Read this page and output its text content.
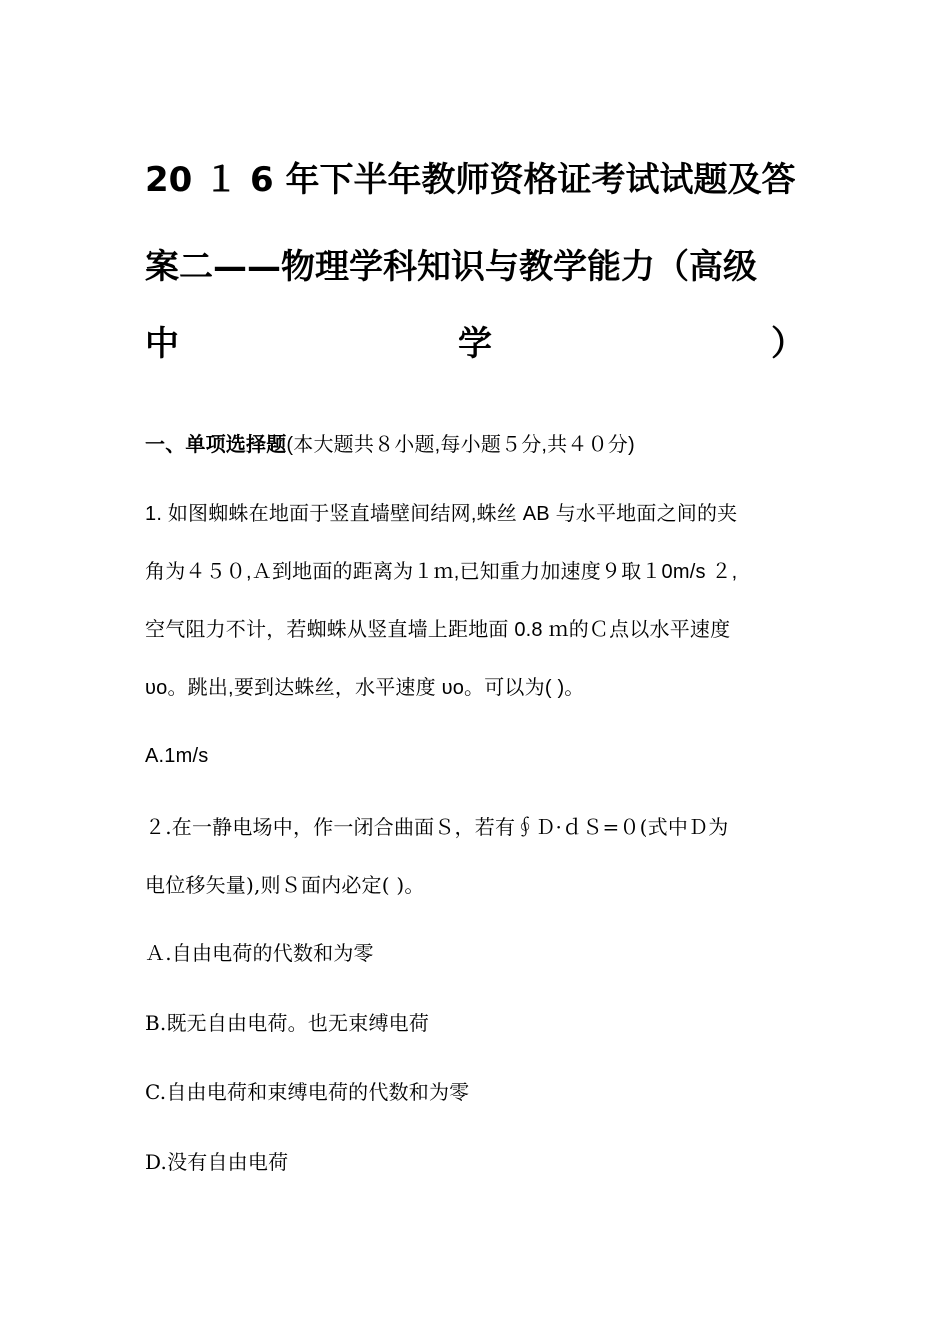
20 １ 6 年下半年教师资格证考试试题及答
案二——物理学科知识与教学能力（高级
中	学	）
一、单项选择题(本大题共８小题,每小题５分,共４０分)
1. 如图蜘蛛在地面于竖直墙壁间结网,蛛丝 AB 与水平地面之间的夹
角为４５０,Ａ到地面的距离为１ｍ,已知重力加速度９取１0m/s ２,
空气阻力不计，若蜘蛛从竖直墙上距地面 0.8 ｍ的Ｃ点以水平速度
υo。跳出,要到达蛛丝，水平速度 υo。可以为( )。
A.1m/s
２.在一静电场中，作一闭合曲面Ｓ，若有∮Ｄ·ｄＳ=０(式中Ｄ为
电位移矢量),则Ｓ面内必定( )。
Ａ.自由电荷的代数和为零
B.既无自由电荷。也无束缚电荷
C.自由电荷和束缚电荷的代数和为零
D.没有自由电荷
